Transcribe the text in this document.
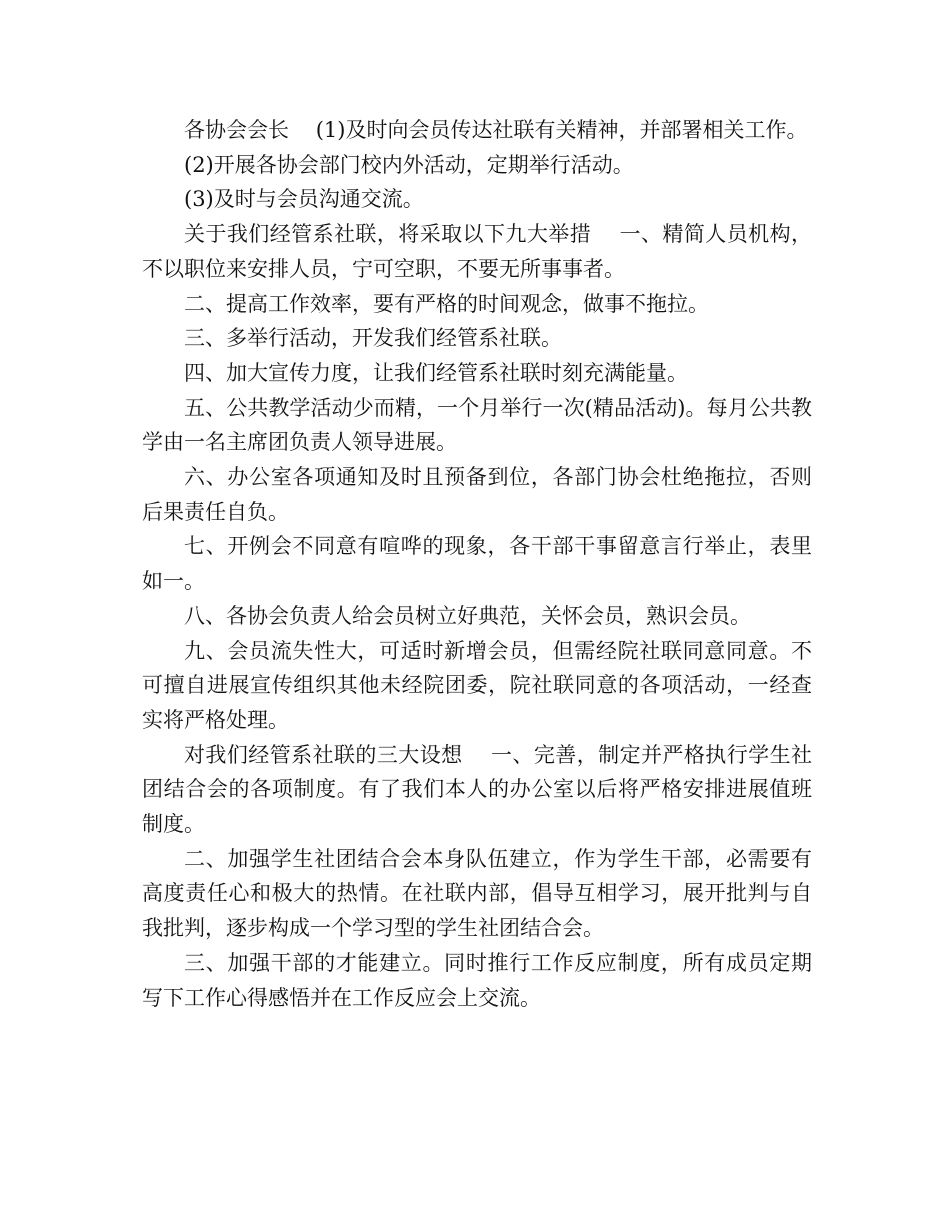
各协会会长    (1)及时向会员传达社联有关精神，并部署相关工作。

(2)开展各协会部门校内外活动，定期举行活动。

(3)及时与会员沟通交流。

关于我们经管系社联，将采取以下九大举措    一、精简人员机构，不以职位来安排人员，宁可空职，不要无所事事者。

二、提高工作效率，要有严格的时间观念，做事不拖拉。

三、多举行活动，开发我们经管系社联。

四、加大宣传力度，让我们经管系社联时刻充满能量。

五、公共教学活动少而精，一个月举行一次(精品活动)。每月公共教学由一名主席团负责人领导进展。

六、办公室各项通知及时且预备到位，各部门协会杜绝拖拉，否则后果责任自负。

七、开例会不同意有喧哗的现象，各干部干事留意言行举止，表里如一。

八、各协会负责人给会员树立好典范，关怀会员，熟识会员。

九、会员流失性大，可适时新增会员，但需经院社联同意同意。不可擅自进展宣传组织其他未经院团委，院社联同意的各项活动，一经查实将严格处理。

对我们经管系社联的三大设想    一、完善，制定并严格执行学生社团结合会的各项制度。有了我们本人的办公室以后将严格安排进展值班制度。

二、加强学生社团结合会本身队伍建立，作为学生干部，必需要有高度责任心和极大的热情。在社联内部，倡导互相学习，展开批判与自我批判，逐步构成一个学习型的学生社团结合会。

三、加强干部的才能建立。同时推行工作反应制度，所有成员定期写下工作心得感悟并在工作反应会上交流。
